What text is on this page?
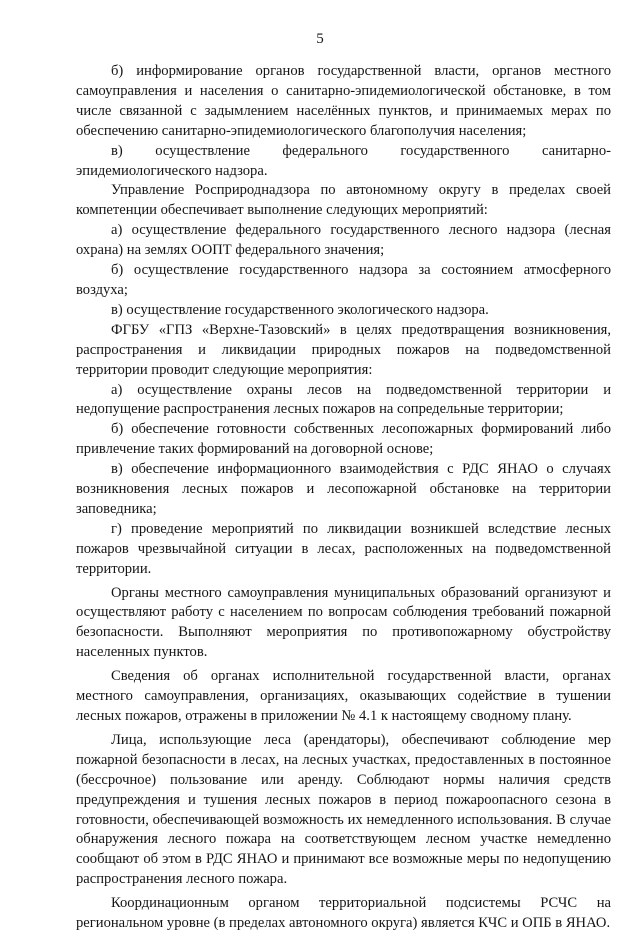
5

б) информирование органов государственной власти, органов местного самоуправления и населения о санитарно-эпидемиологической обстановке, в том числе связанной с задымлением населённых пунктов, и принимаемых мерах по обеспечению санитарно-эпидемиологического благополучия населения;

в) осуществление федерального государственного санитарно-эпидемиологического надзора.

Управление Росприроднадзора по автономному округу в пределах своей компетенции обеспечивает выполнение следующих мероприятий:

а) осуществление федерального государственного лесного надзора (лесная охрана) на землях ООПТ федерального значения;

б) осуществление государственного надзора за состоянием атмосферного воздуха;

в) осуществление государственного экологического надзора.

ФГБУ «ГПЗ «Верхне-Тазовский» в целях предотвращения возникновения, распространения и ликвидации природных пожаров на подведомственной территории проводит следующие мероприятия:

а) осуществление охраны лесов на подведомственной территории и недопущение распространения лесных пожаров на сопредельные территории;

б) обеспечение готовности собственных лесопожарных формирований либо привлечение таких формирований на договорной основе;

в) обеспечение информационного взаимодействия с РДС ЯНАО о случаях возникновения лесных пожаров и лесопожарной обстановке на территории заповедника;

г) проведение мероприятий по ликвидации возникшей вследствие лесных пожаров чрезвычайной ситуации в лесах, расположенных на подведомственной территории.

Органы местного самоуправления муниципальных образований организуют и осуществляют работу с населением по вопросам соблюдения требований пожарной безопасности. Выполняют мероприятия по противопожарному обустройству населенных пунктов.

Сведения об органах исполнительной государственной власти, органах местного самоуправления, организациях, оказывающих содействие в тушении лесных пожаров, отражены в приложении № 4.1 к настоящему сводному плану.

Лица, использующие леса (арендаторы), обеспечивают соблюдение мер пожарной безопасности в лесах, на лесных участках, предоставленных в постоянное (бессрочное) пользование или аренду. Соблюдают нормы наличия средств предупреждения и тушения лесных пожаров в период пожароопасного сезона в готовности, обеспечивающей возможность их немедленного использования. В случае обнаружения лесного пожара на соответствующем лесном участке немедленно сообщают об этом в РДС ЯНАО и принимают все возможные меры по недопущению распространения лесного пожара.

Координационным органом территориальной подсистемы РСЧС на региональном уровне (в пределах автономного округа) является КЧС и ОПБ в ЯНАО.
